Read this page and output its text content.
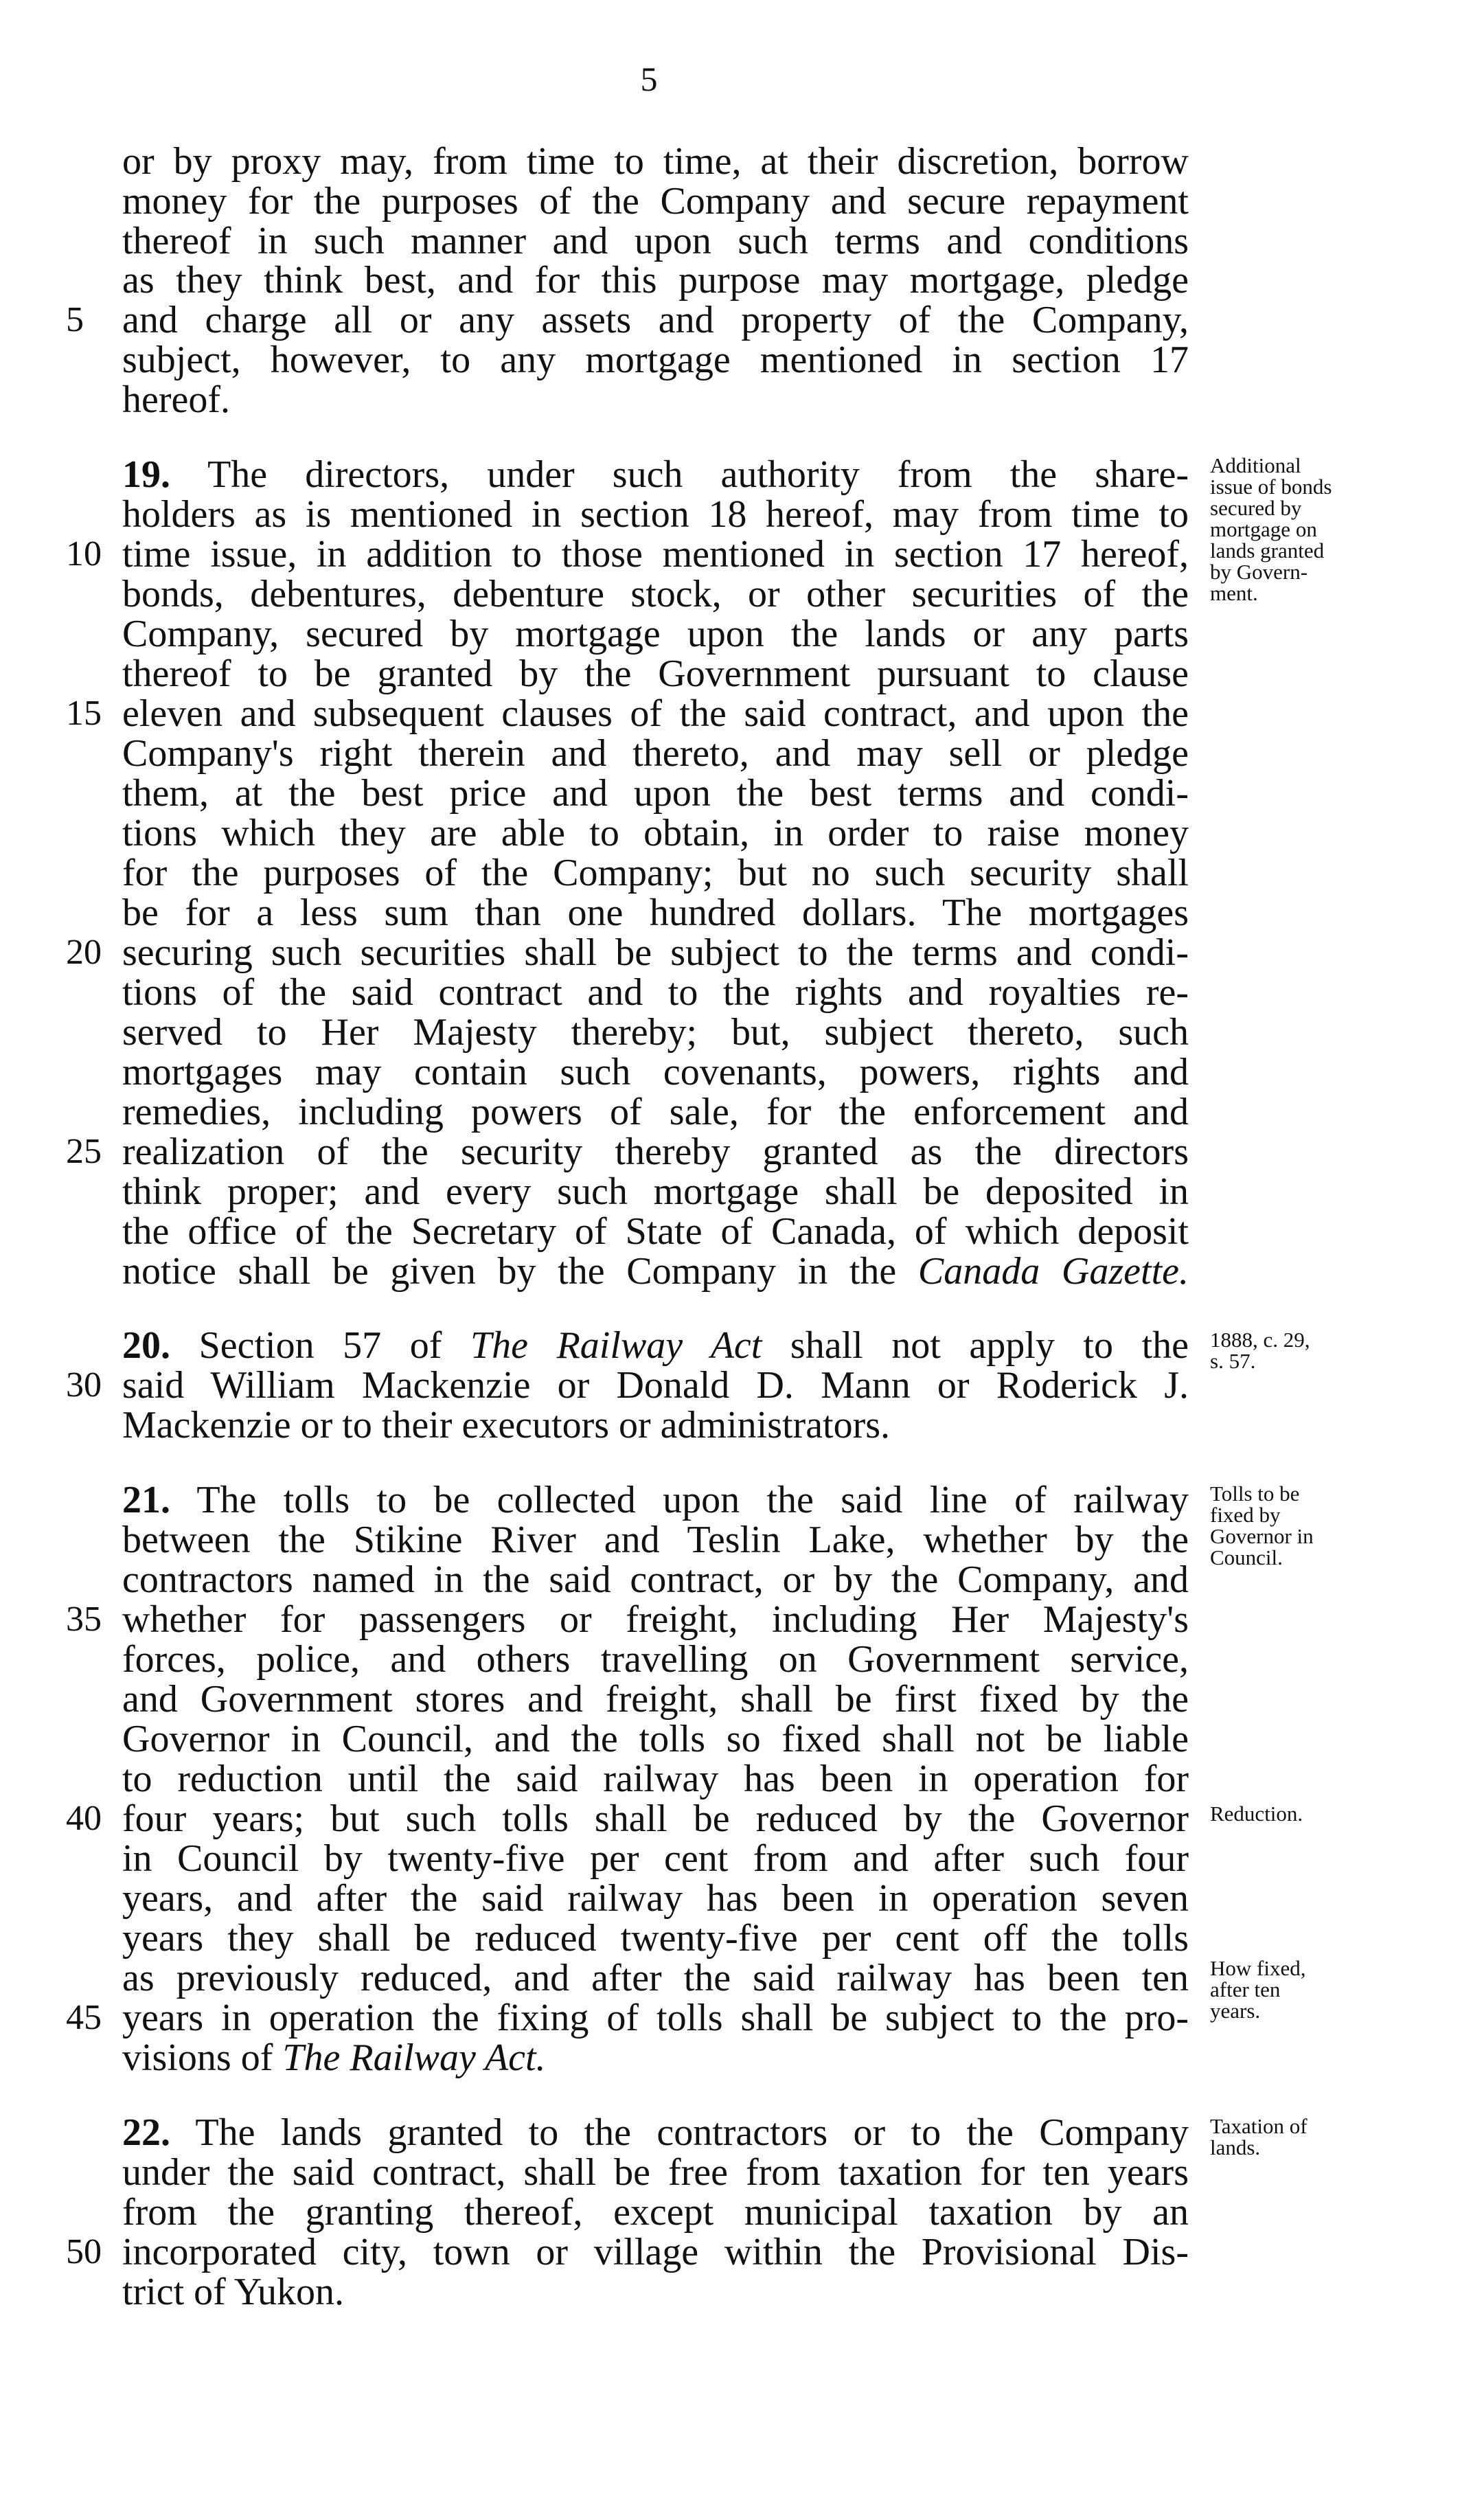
5
or by proxy may, from time to time, at their discretion, borrow
money for the purposes of the Company and secure repayment
thereof in such manner and upon such terms and conditions
as they think best, and for this purpose may mortgage, pledge
and charge all or any assets and property of the Company,
subject, however, to any mortgage mentioned in section 17
hereof.
19. The directors, under such authority from the share-
holders as is mentioned in section 18 hereof, may from time to
time issue, in addition to those mentioned in section 17 hereof,
bonds, debentures, debenture stock, or other securities of the
Company, secured by mortgage upon the lands or any parts
thereof to be granted by the Government pursuant to clause
eleven and subsequent clauses of the said contract, and upon the
Company's right therein and thereto, and may sell or pledge
them, at the best price and upon the best terms and condi-
tions which they are able to obtain, in order to raise money
for the purposes of the Company; but no such security shall
be for a less sum than one hundred dollars. The mortgages
securing such securities shall be subject to the terms and condi-
tions of the said contract and to the rights and royalties re-
served to Her Majesty thereby; but, subject thereto, such
mortgages may contain such covenants, powers, rights and
remedies, including powers of sale, for the enforcement and
realization of the security thereby granted as the directors
think proper; and every such mortgage shall be deposited in
the office of the Secretary of State of Canada, of which deposit
notice shall be given by the Company in the Canada Gazette.
20. Section 57 of The Railway Act shall not apply to the
said William Mackenzie or Donald D. Mann or Roderick J.
Mackenzie or to their executors or administrators.
21. The tolls to be collected upon the said line of railway
between the Stikine River and Teslin Lake, whether by the
contractors named in the said contract, or by the Company, and
whether for passengers or freight, including Her Majesty's
forces, police, and others travelling on Government service,
and Government stores and freight, shall be first fixed by the
Governor in Council, and the tolls so fixed shall not be liable
to reduction until the said railway has been in operation for
four years; but such tolls shall be reduced by the Governor
in Council by twenty-five per cent from and after such four
years, and after the said railway has been in operation seven
years they shall be reduced twenty-five per cent off the tolls
as previously reduced, and after the said railway has been ten
years in operation the fixing of tolls shall be subject to the pro-
visions of The Railway Act.
22. The lands granted to the contractors or to the Company
under the said contract, shall be free from taxation for ten years
from the granting thereof, except municipal taxation by an
incorporated city, town or village within the Provisional Dis-
trict of Yukon.
5
10
15
20
25
30
35
40
45
50
Additional
issue of bonds
secured by
mortgage on
lands granted
by Govern-
ment.
1888, c. 29,
s. 57.
Tolls to be
fixed by
Governor in
Council.
Reduction.
How fixed,
after ten
years.
Taxation of
lands.
